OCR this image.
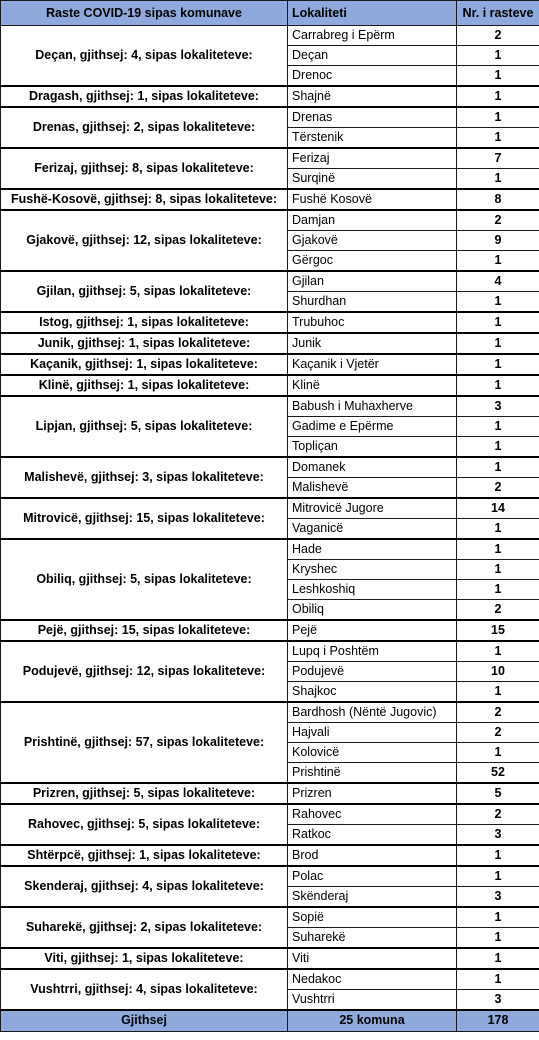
Raste COVID-19 sipas komunave	Lokaliteti	Nr. i rasteve
Deçan, gjithsej: 4, sipas lokaliteteve:	Carrabreg i Epërm	2
	Deçan	1
	Drenoc	1
Dragash, gjithsej: 1, sipas lokaliteteve:	Shajnë	1
Drenas, gjithsej: 2, sipas lokaliteteve:	Drenas	1
	Tërstenik	1
Ferizaj, gjithsej: 8, sipas lokaliteteve:	Ferizaj	7
	Surqinë	1
Fushë-Kosovë, gjithsej: 8, sipas lokaliteteve:	Fushë Kosovë	8
Gjakovë, gjithsej: 12, sipas lokaliteteve:	Damjan	2
	Gjakovë	9
	Gërgoc	1
Gjilan, gjithsej: 5, sipas lokaliteteve:	Gjilan	4
	Shurdhan	1
Istog, gjithsej: 1, sipas lokaliteteve:	Trubuhoc	1
Junik, gjithsej: 1, sipas lokaliteteve:	Junik	1
Kaçanik, gjithsej: 1, sipas lokaliteteve:	Kaçanik i Vjetër	1
Klinë, gjithsej: 1, sipas lokaliteteve:	Klinë	1
Lipjan, gjithsej: 5, sipas lokaliteteve:	Babush i Muhaxherve	3
	Gadime e Epërme	1
	Topliçan	1
Malishevë, gjithsej: 3, sipas lokaliteteve:	Domanek	1
	Malishevë	2
Mitrovicë, gjithsej: 15, sipas lokaliteteve:	Mitrovicë Jugore	14
	Vaganicë	1
Obiliq, gjithsej: 5, sipas lokaliteteve:	Hade	1
	Kryshec	1
	Leshkoshiq	1
	Obiliq	2
Pejë, gjithsej: 15, sipas lokaliteteve:	Pejë	15
Podujevë, gjithsej: 12, sipas lokaliteteve:	Lupq i Poshtëm	1
	Podujevë	10
	Shajkoc	1
Prishtinë, gjithsej: 57, sipas lokaliteteve:	Bardhosh (Nëntë Jugovic)	2
	Hajvali	2
	Kolovicë	1
	Prishtinë	52
Prizren, gjithsej: 5, sipas lokaliteteve:	Prizren	5
Rahovec, gjithsej: 5, sipas lokaliteteve:	Rahovec	2
	Ratkoc	3
Shtërpcë, gjithsej: 1, sipas lokaliteteve:	Brod	1
Skenderaj, gjithsej: 4, sipas lokaliteteve:	Polac	1
	Skënderaj	3
Suharekë, gjithsej: 2, sipas lokaliteteve:	Sopië	1
	Suharekë	1
Viti, gjithsej: 1, sipas lokaliteteve:	Viti	1
Vushtrri, gjithsej: 4, sipas lokaliteteve:	Nedakoc	1
	Vushtrri	3
Gjithsej	25 komuna	178
